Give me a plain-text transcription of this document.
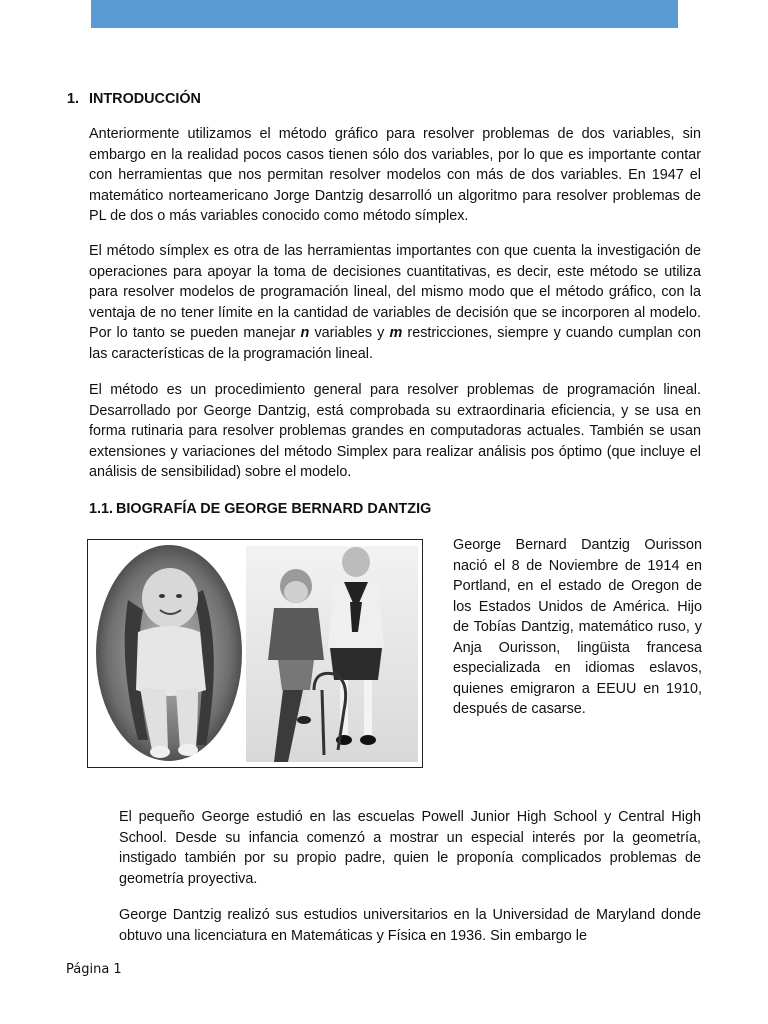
1. INTRODUCCIÓN

Anteriormente utilizamos el método gráfico para resolver problemas de dos variables, sin embargo en la realidad pocos casos tienen sólo dos variables, por lo que es importante contar con herramientas que nos permitan resolver modelos con más de dos variables. En 1947 el matemático norteamericano Jorge Dantzig desarrolló un algoritmo para resolver problemas de PL de dos o más variables conocido como método símplex.

El método símplex es otra de las herramientas importantes con que cuenta la investigación de operaciones para apoyar la toma de decisiones cuantitativas, es decir, este método se utiliza para resolver modelos de programación lineal, del mismo modo que el método gráfico, con la ventaja de no tener límite en la cantidad de variables de decisión que se incorporen al modelo. Por lo tanto se pueden manejar n variables y m restricciones, siempre y cuando cumplan con las características de la programación lineal.

El método es un procedimiento general para resolver problemas de programación lineal. Desarrollado por George Dantzig, está comprobada su extraordinaria eficiencia, y se usa en forma rutinaria para resolver problemas grandes en computadoras actuales. También se usan extensiones y variaciones del método Simplex para realizar análisis pos óptimo (que incluye el análisis de sensibilidad) sobre el modelo.

1.1. BIOGRAFÍA DE GEORGE BERNARD DANTZIG

George Bernard Dantzig Ourisson nació el 8 de Noviembre de 1914 en Portland, en el estado de Oregon de los Estados Unidos de América. Hijo de Tobías Dantzig, matemático ruso, y Anja Ourisson, lingüista francesa especializada en idiomas eslavos, quienes emigraron a EEUU en 1910, después de casarse.

El pequeño George estudió en las escuelas Powell Junior High School y Central High School. Desde su infancia comenzó a mostrar un especial interés por la geometría, instigado también por su propio padre, quien le proponía complicados problemas de geometría proyectiva.

George Dantzig realizó sus estudios universitarios en la Universidad de Maryland donde obtuvo una licenciatura en Matemáticas y Física en 1936. Sin embargo le

Página 1
